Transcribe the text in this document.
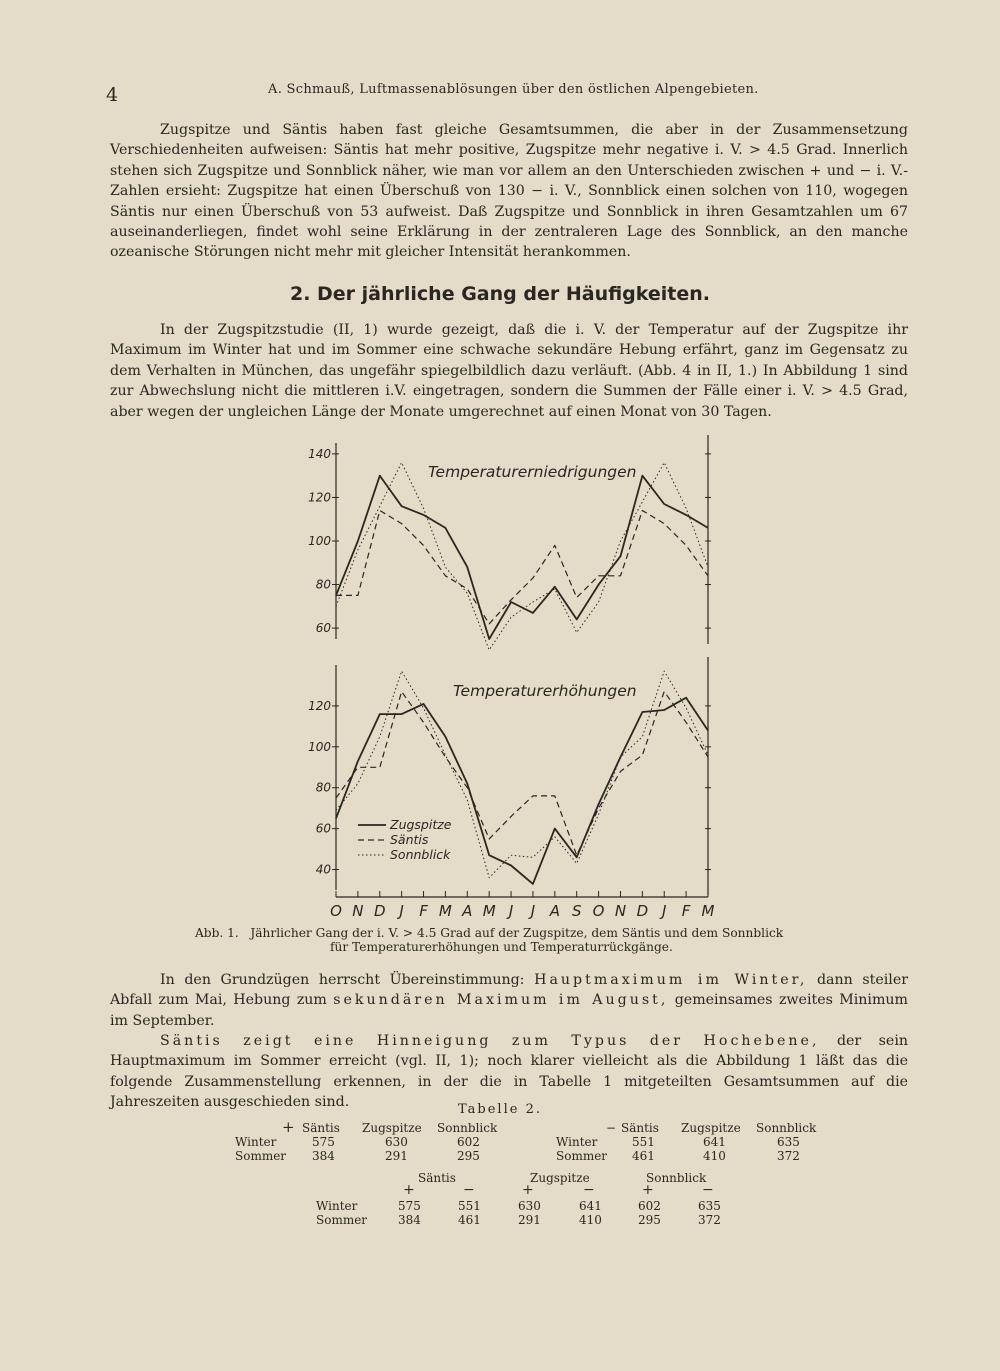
4	A. Schmauß, Luftmassenablösungen über den östlichen Alpengebieten.

Zugspitze und Säntis haben fast gleiche Gesamtsummen, die aber in der Zusammensetzung Verschiedenheiten aufweisen: Säntis hat mehr positive, Zugspitze mehr negative i. V. > 4.5 Grad. Innerlich stehen sich Zugspitze und Sonnblick näher, wie man vor allem an den Unterschieden zwischen + und − i. V.-Zahlen ersieht: Zugspitze hat einen Überschuß von 130 − i. V., Sonnblick einen solchen von 110, wogegen Säntis nur einen Überschuß von 53 aufweist. Daß Zugspitze und Sonnblick in ihren Gesamtzahlen um 67 auseinanderliegen, findet wohl seine Erklärung in der zentraleren Lage des Sonnblick, an den manche ozeanische Störungen nicht mehr mit gleicher Intensität herankommen.

2. Der jährliche Gang der Häufigkeiten.

In der Zugspitzstudie (II, 1) wurde gezeigt, daß die i. V. der Temperatur auf der Zugspitze ihr Maximum im Winter hat und im Sommer eine schwache sekundäre Hebung erfährt, ganz im Gegensatz zu dem Verhalten in München, das ungefähr spiegelbildlich dazu verläuft. (Abb. 4 in II, 1.) In Abbildung 1 sind zur Abwechslung nicht die mittleren i.V. eingetragen, sondern die Summen der Fälle einer i. V. > 4.5 Grad, aber wegen der ungleichen Länge der Monate umgerechnet auf einen Monat von 30 Tagen.

60
80
100
120
140
Temperaturerniedrigungen
40
60
80
100
120
Temperaturerhöhungen
Zugspitze
Säntis
Sonnblick
O N D J F M A M J J A S O N D J F M
Abb. 1. Jährlicher Gang der i. V. > 4.5 Grad auf der Zugspitze, dem Säntis und dem Sonnblick
für Temperaturerhöhungen und Temperaturrückgänge.

In den Grundzügen herrscht Übereinstimmung: Hauptmaximum im Winter, dann steiler Abfall zum Mai, Hebung zum sekundären Maximum im August, gemeinsames zweites Minimum im September.

Säntis zeigt eine Hinneigung zum Typus der Hochebene, der sein Hauptmaximum im Sommer erreicht (vgl. II, 1); noch klarer vielleicht als die Abbildung 1 läßt das die folgende Zusammenstellung erkennen, in der die in Tabelle 1 mitgeteilten Gesamtsummen auf die Jahreszeiten ausgeschieden sind.	Tabelle 2.
+ Säntis Zugspitze Sonnblick
Winter	575	630	602
Sommer 384	291	295
− Säntis Zugspitze Sonnblick
Winter	551	641	635
Sommer 461	410	372
Säntis	Zugspitze	Sonnblick
+	−	+	−	+	−
Winter	575	551	630	641	602	635
Sommer	384	461	291	410	295	372
